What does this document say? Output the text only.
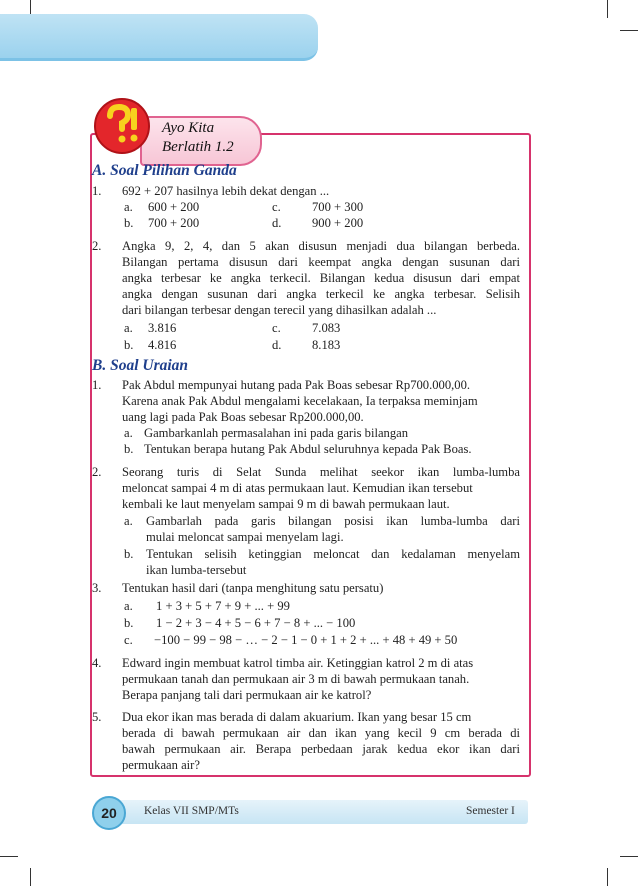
Ayo Kita
Berlatih 1.2
A. Soal Pilihan Ganda
1. 692 + 207 hasilnya lebih dekat dengan ...
a. 600 + 200	c. 700 + 300
b. 700 + 200	d. 900 + 200
2. Angka 9, 2, 4, dan 5 akan disusun menjadi dua bilangan berbeda.
Bilangan pertama disusun dari keempat angka dengan susunan dari
angka terbesar ke angka terkecil. Bilangan kedua disusun dari empat
angka dengan susunan dari angka terkecil ke angka terbesar. Selisih
dari bilangan terbesar dengan terecil yang dihasilkan adalah ...
a. 3.816	c. 7.083
b. 4.816	d. 8.183
B. Soal Uraian
1. Pak Abdul mempunyai hutang pada Pak Boas sebesar Rp700.000,00.
Karena anak Pak Abdul mengalami kecelakaan, Ia terpaksa meminjam
uang lagi pada Pak Boas sebesar Rp200.000,00.
a. Gambarkanlah permasalahan ini pada garis bilangan
b. Tentukan berapa hutang Pak Abdul seluruhnya kepada Pak Boas.
2. Seorang turis di Selat Sunda melihat seekor ikan lumba-lumba
meloncat sampai 4 m di atas permukaan laut. Kemudian ikan tersebut
kembali ke laut menyelam sampai 9 m di bawah permukaan laut.
a. Gambarlah pada garis bilangan posisi ikan lumba-lumba dari
mulai meloncat sampai menyelam lagi.
b. Tentukan selisih ketinggian meloncat dan kedalaman menyelam
ikan lumba-tersebut
3. Tentukan hasil dari (tanpa menghitung satu persatu)
a. 1 + 3 + 5 + 7 + 9 + ... + 99
b. 1 − 2 + 3 − 4 + 5 − 6 + 7 − 8 + ... − 100
c. −100 − 99 − 98 − … − 2 − 1 − 0 + 1 + 2 + ... + 48 + 49 + 50
4. Edward ingin membuat katrol timba air. Ketinggian katrol 2 m di atas
permukaan tanah dan permukaan air 3 m di bawah permukaan tanah.
Berapa panjang tali dari permukaan air ke katrol?
5. Dua ekor ikan mas berada di dalam akuarium. Ikan yang besar 15 cm
berada di bawah permukaan air dan ikan yang kecil 9 cm berada di
bawah permukaan air. Berapa perbedaan jarak kedua ekor ikan dari
permukaan air?
20	Kelas VII SMP/MTs	Semester I
